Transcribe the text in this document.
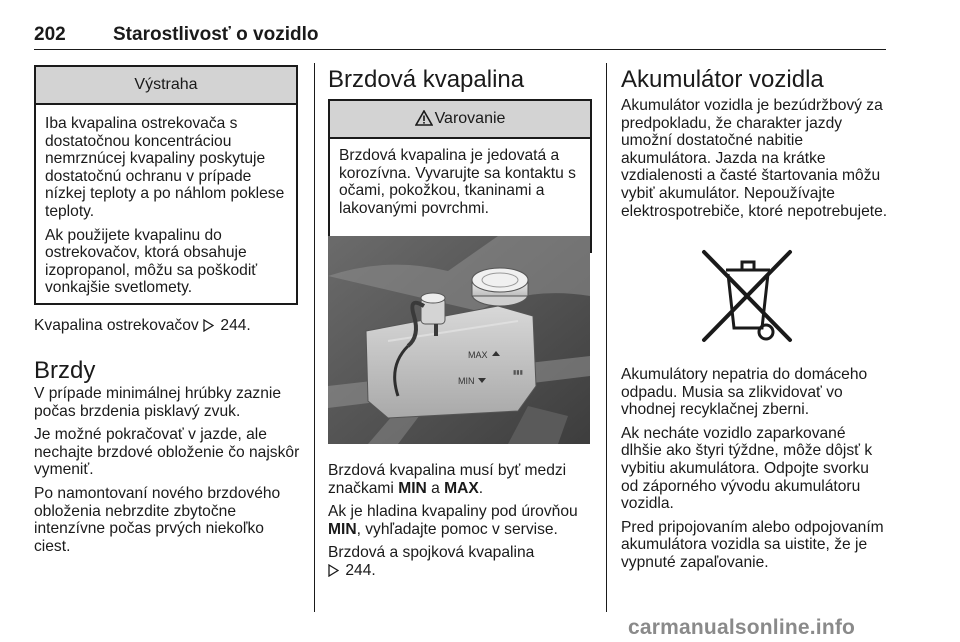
202 Starostlivosť o vozidlo
Výstraha

Iba kvapalina ostrekovača s dostatočnou koncentráciou nemrznúcej kvapaliny poskytuje dostatočnú ochranu v prípade nízkej teploty a po náhlom poklese teploty.

Ak použijete kvapalinu do ostrekovačov, ktorá obsahuje izopropanol, môžu sa poškodiť vonkajšie svetlomety.

Kvapalina ostrekovačov 244.
Brzdy

V prípade minimálnej hrúbky zaznie počas brzdenia pisklavý zvuk.

Je možné pokračovať v jazde, ale nechajte brzdové obloženie čo najskôr vymeniť.

Po namontovaní nového brzdového obloženia nebrzdite zbytočne intenzívne počas prvých niekoľko ciest.

Brzdová kvapalina
Varovanie

Brzdová kvapalina je jedovatá a korozívna. Vyvarujte sa kontaktu s očami, pokožkou, tkaninami a lakovanými povrchmi.

MAX
MIN
▮▮▮

Brzdová kvapalina musí byť medzi značkami MIN a MAX.

Ak je hladina kvapaliny pod úrovňou MIN, vyhľadajte pomoc v servise.

Brzdová a spojková kvapalina
244.

Akumulátor vozidla

Akumulátor vozidla je bezúdržbový za predpokladu, že charakter jazdy umožní dostatočné nabitie akumulátora. Jazda na krátke vzdialenosti a časté štartovania môžu vybiť akumulátor. Nepoužívajte elektrospotrebiče, ktoré nepotrebujete.

Akumulátory nepatria do domáceho odpadu. Musia sa zlikvidovať vo vhodnej recyklačnej zberni.

Ak necháte vozidlo zaparkované dlhšie ako štyri týždne, môže dôjsť k vybitiu akumulátora. Odpojte svorku od záporného vývodu akumulátoru vozidla.

Pred pripojovaním alebo odpojovaním akumulátora vozidla sa uistite, že je vypnuté zapaľovanie.

carmanualsonline.info
